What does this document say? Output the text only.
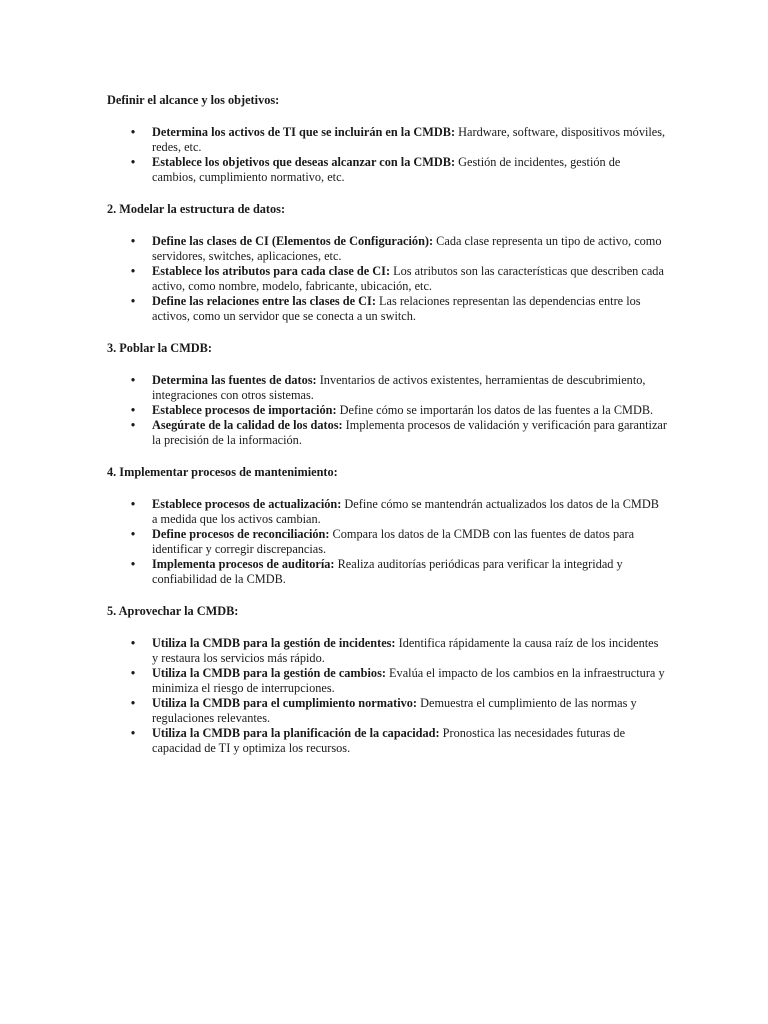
Definir el alcance y los objetivos:

• Determina los activos de TI que se incluirán en la CMDB: Hardware, software, dispositivos móviles, redes, etc.
• Establece los objetivos que deseas alcanzar con la CMDB: Gestión de incidentes, gestión de cambios, cumplimiento normativo, etc.

2. Modelar la estructura de datos:

• Define las clases de CI (Elementos de Configuración): Cada clase representa un tipo de activo, como servidores, switches, aplicaciones, etc.
• Establece los atributos para cada clase de CI: Los atributos son las características que describen cada activo, como nombre, modelo, fabricante, ubicación, etc.
• Define las relaciones entre las clases de CI: Las relaciones representan las dependencias entre los activos, como un servidor que se conecta a un switch.

3. Poblar la CMDB:

• Determina las fuentes de datos: Inventarios de activos existentes, herramientas de descubrimiento, integraciones con otros sistemas.
• Establece procesos de importación: Define cómo se importarán los datos de las fuentes a la CMDB.
• Asegúrate de la calidad de los datos: Implementa procesos de validación y verificación para garantizar la precisión de la información.

4. Implementar procesos de mantenimiento:

• Establece procesos de actualización: Define cómo se mantendrán actualizados los datos de la CMDB a medida que los activos cambian.
• Define procesos de reconciliación: Compara los datos de la CMDB con las fuentes de datos para identificar y corregir discrepancias.
• Implementa procesos de auditoría: Realiza auditorías periódicas para verificar la integridad y confiabilidad de la CMDB.

5. Aprovechar la CMDB:

• Utiliza la CMDB para la gestión de incidentes: Identifica rápidamente la causa raíz de los incidentes y restaura los servicios más rápido.
• Utiliza la CMDB para la gestión de cambios: Evalúa el impacto de los cambios en la infraestructura y minimiza el riesgo de interrupciones.
• Utiliza la CMDB para el cumplimiento normativo: Demuestra el cumplimiento de las normas y regulaciones relevantes.
• Utiliza la CMDB para la planificación de la capacidad: Pronostica las necesidades futuras de capacidad de TI y optimiza los recursos.
